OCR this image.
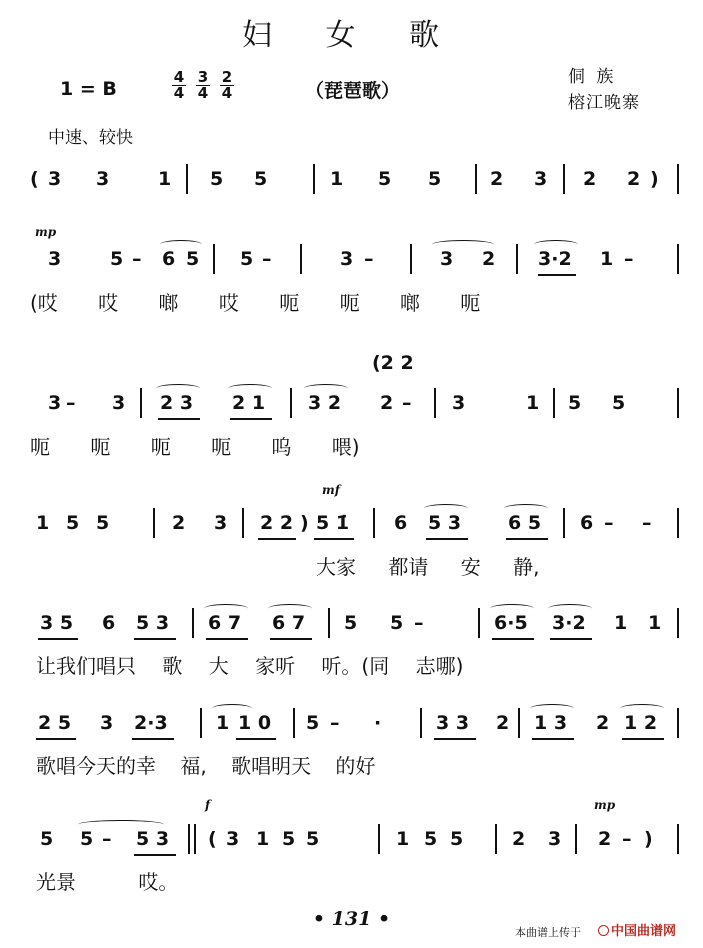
妇 女 歌
1 = B
4
4
3
4
2
4	（琵琶歌）
侗 族
榕江晚寨
中速、较快
( 3 3	1 5 5	1 5 5	2 3 2 2 )
mp
3	5 – 6 5 5 –	3 –	3 2 3·2 1 –
(哎 哎 啷 哎 呃 呃 啷 呃
3 – 3 2 3 2 1 3 2 2 – 3	1 5 5
(2 2
呃 呃 呃 呃 呜 喂)
mf
1 5 5	2 3 2 2 ) 5 1̇ 6 5 3 6 5 6 – –
大家 都请 安 静,
3 5 6 5 3 6 7 6 7 5 5 –	6·5 3·2 1 1
让我们唱只 歌 大 家听 听。(同 志哪)
2 5 3 2·3	1 1 0 5 – ·	3 3 2 1 3 2 1 2
歌唱今天的幸 福, 歌唱明天 的好
f	mp
5 5 – 5 3 ( 3 1 5 5	1 5 5	2 3 2 – )
光景 哎。
• 131 •
本曲谱上传于	中国曲谱网
